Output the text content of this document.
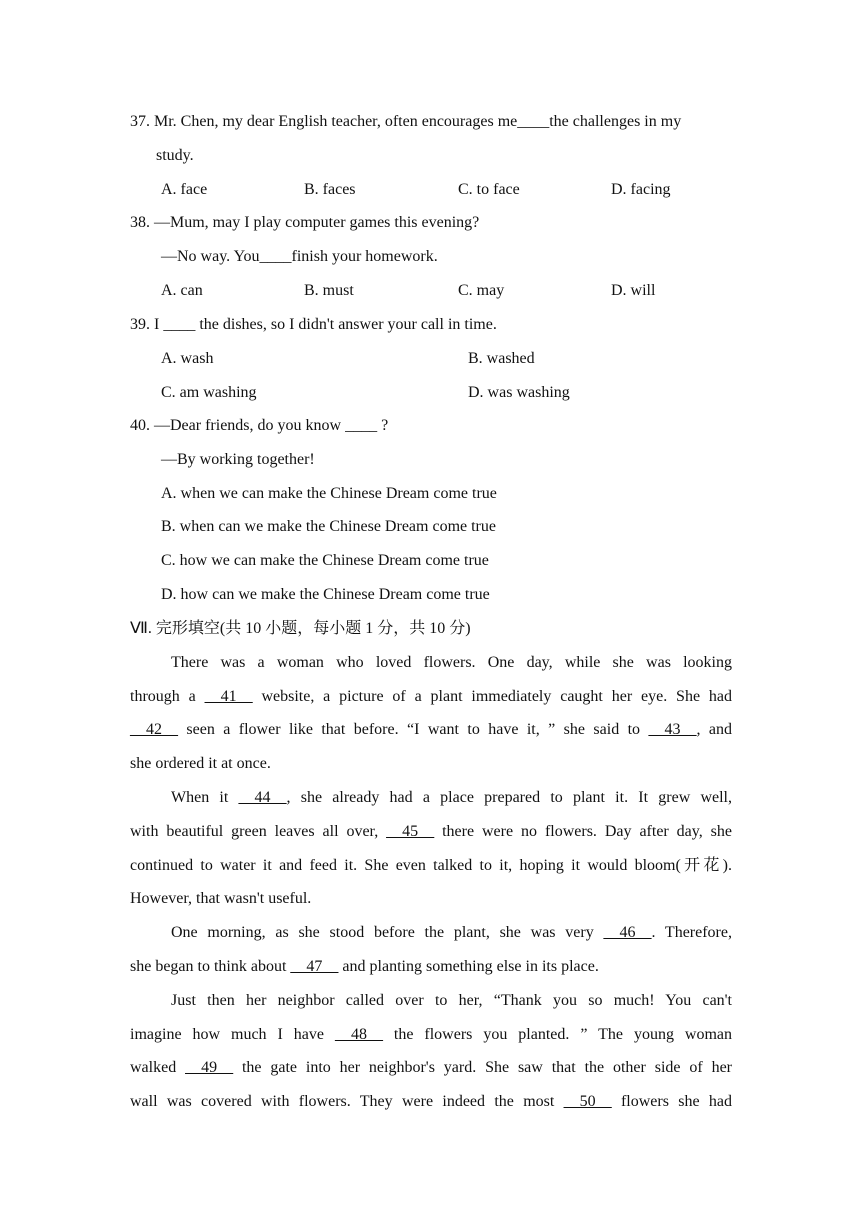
37. Mr. Chen, my dear English teacher, often encourages me____the challenges in my
study.
A. face	B. faces	C. to face	D. facing
38. —Mum, may I play computer games this evening?
—No way. You____finish your homework.
A. can	B. must	C. may	D. will
39. I ____ the dishes, so I didn't answer your call in time.
A. wash	B. washed
C. am washing	D. was washing
40. —Dear friends, do you know ____ ?
—By working together!
A. when we can make the Chinese Dream come true
B. when can we make the Chinese Dream come true
C. how we can make the Chinese Dream come true
D. how can we make the Chinese Dream come true
Ⅶ. 完形填空(共 10 小题，每小题 1 分，共 10 分)
There was a woman who loved flowers. One day, while she was looking
through a __41__ website, a picture of a plant immediately caught her eye. She had
__42__ seen a flower like that before. “I want to have it, ” she said to __43__, and
she ordered it at once.
When it __44__, she already had a place prepared to plant it. It grew well,
with beautiful green leaves all over, __45__ there were no flowers. Day after day, she
continued to water it and feed it. She even talked to it, hoping it would bloom(开花).
However, that wasn't useful.
One morning, as she stood before the plant, she was very __46__. Therefore,
she began to think about __47__ and planting something else in its place.
Just then her neighbor called over to her, “Thank you so much! You can't
imagine how much I have __48__ the flowers you planted. ” The young woman
walked __49__ the gate into her neighbor's yard. She saw that the other side of her
wall was covered with flowers. They were indeed the most __50__ flowers she had
